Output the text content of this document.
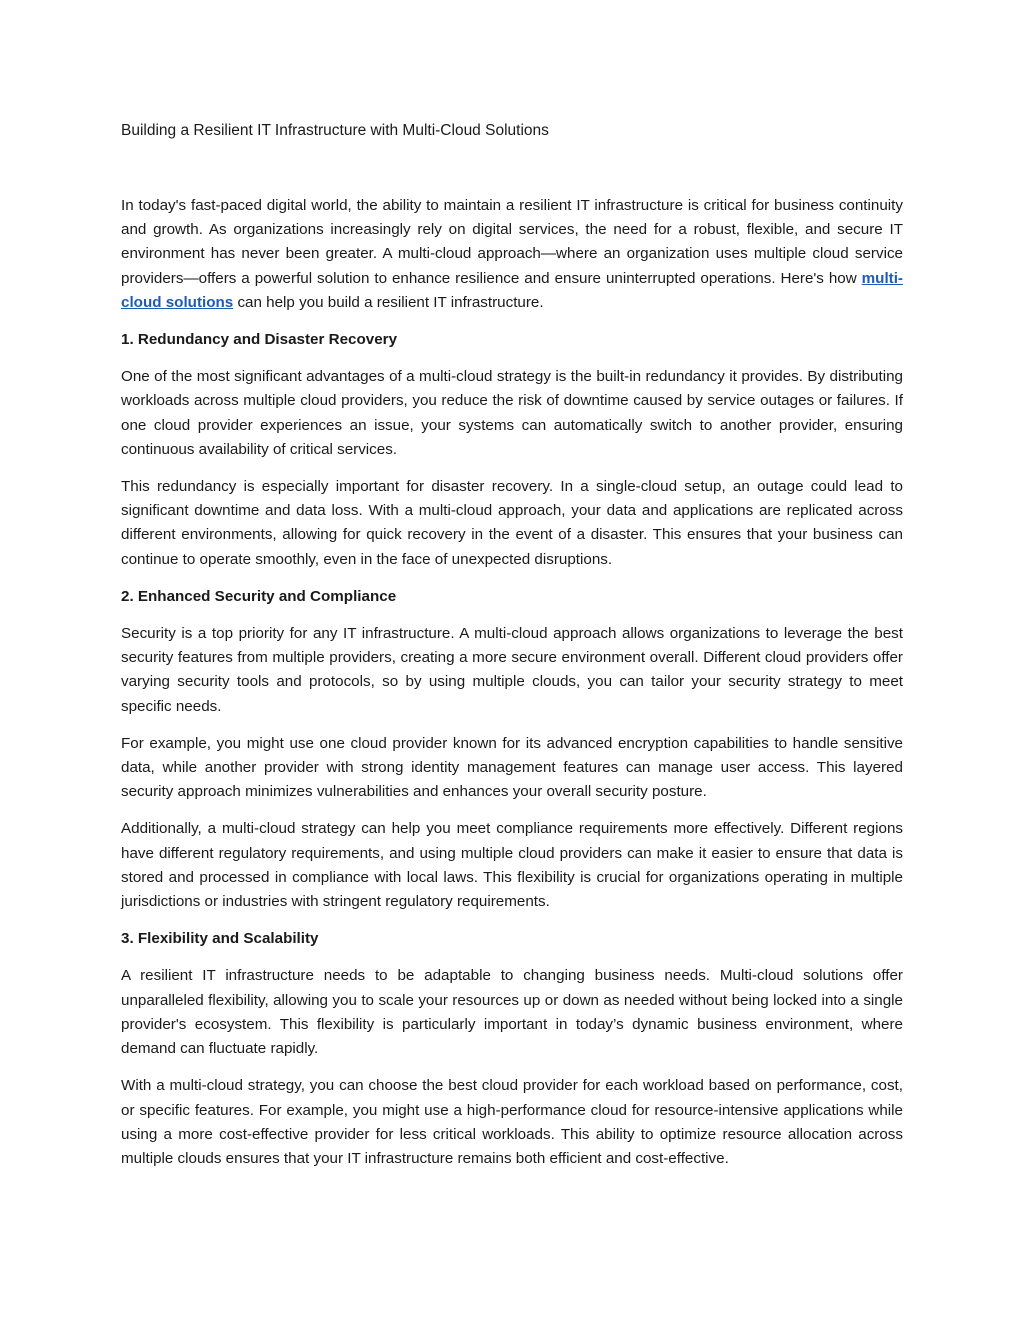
Building a Resilient IT Infrastructure with Multi-Cloud Solutions

In today's fast-paced digital world, the ability to maintain a resilient IT infrastructure is critical for business continuity and growth. As organizations increasingly rely on digital services, the need for a robust, flexible, and secure IT environment has never been greater. A multi-cloud approach—where an organization uses multiple cloud service providers—offers a powerful solution to enhance resilience and ensure uninterrupted operations. Here's how multi-cloud solutions can help you build a resilient IT infrastructure.

1. Redundancy and Disaster Recovery

One of the most significant advantages of a multi-cloud strategy is the built-in redundancy it provides. By distributing workloads across multiple cloud providers, you reduce the risk of downtime caused by service outages or failures. If one cloud provider experiences an issue, your systems can automatically switch to another provider, ensuring continuous availability of critical services.

This redundancy is especially important for disaster recovery. In a single-cloud setup, an outage could lead to significant downtime and data loss. With a multi-cloud approach, your data and applications are replicated across different environments, allowing for quick recovery in the event of a disaster. This ensures that your business can continue to operate smoothly, even in the face of unexpected disruptions.

2. Enhanced Security and Compliance

Security is a top priority for any IT infrastructure. A multi-cloud approach allows organizations to leverage the best security features from multiple providers, creating a more secure environment overall. Different cloud providers offer varying security tools and protocols, so by using multiple clouds, you can tailor your security strategy to meet specific needs.

For example, you might use one cloud provider known for its advanced encryption capabilities to handle sensitive data, while another provider with strong identity management features can manage user access. This layered security approach minimizes vulnerabilities and enhances your overall security posture.

Additionally, a multi-cloud strategy can help you meet compliance requirements more effectively. Different regions have different regulatory requirements, and using multiple cloud providers can make it easier to ensure that data is stored and processed in compliance with local laws. This flexibility is crucial for organizations operating in multiple jurisdictions or industries with stringent regulatory requirements.

3. Flexibility and Scalability

A resilient IT infrastructure needs to be adaptable to changing business needs. Multi-cloud solutions offer unparalleled flexibility, allowing you to scale your resources up or down as needed without being locked into a single provider's ecosystem. This flexibility is particularly important in today’s dynamic business environment, where demand can fluctuate rapidly.

With a multi-cloud strategy, you can choose the best cloud provider for each workload based on performance, cost, or specific features. For example, you might use a high-performance cloud for resource-intensive applications while using a more cost-effective provider for less critical workloads. This ability to optimize resource allocation across multiple clouds ensures that your IT infrastructure remains both efficient and cost-effective.
